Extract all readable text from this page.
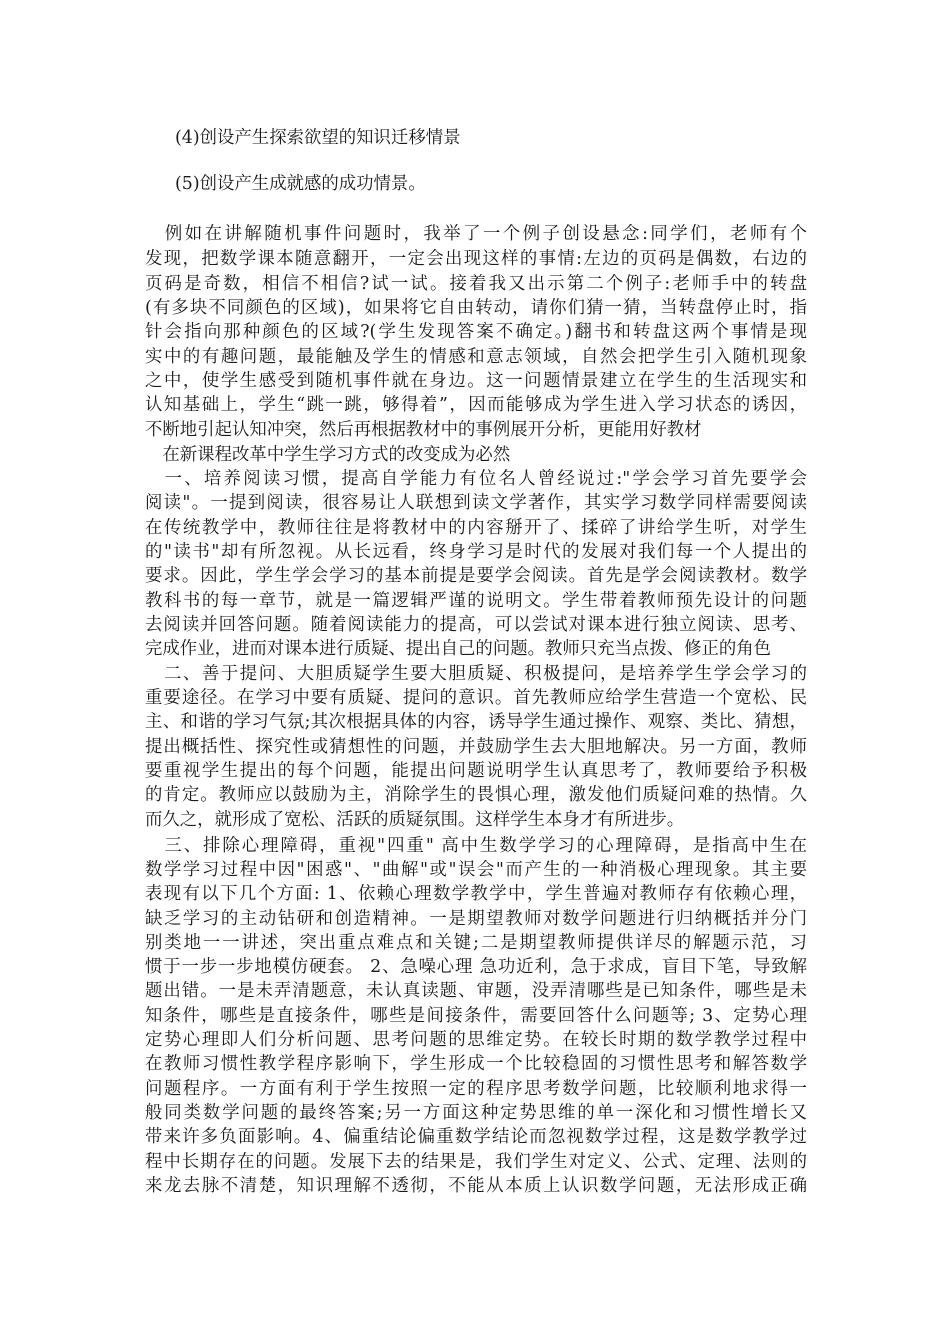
(4)创设产生探索欲望的知识迁移情景
(5)创设产生成就感的成功情景。
　例如在讲解随机事件问题时，我举了一个例子创设悬念:同学们，老师有个
发现，把数学课本随意翻开，一定会出现这样的事情:左边的页码是偶数，右边的
页码是奇数，相信不相信?试一试。接着我又出示第二个例子:老师手中的转盘
(有多块不同颜色的区域)，如果将它自由转动，请你们猜一猜，当转盘停止时，指
针会指向那种颜色的区域?(学生发现答案不确定。)翻书和转盘这两个事情是现
实中的有趣问题，最能触及学生的情感和意志领域，自然会把学生引入随机现象
之中，使学生感受到随机事件就在身边。这一问题情景建立在学生的生活现实和
认知基础上，学生“跳一跳，够得着”，因而能够成为学生进入学习状态的诱因，
不断地引起认知冲突，然后再根据教材中的事例展开分析，更能用好教材
　在新课程改革中学生学习方式的改变成为必然
　一、培养阅读习惯，提高自学能力有位名人曾经说过:"学会学习首先要学会
阅读"。一提到阅读，很容易让人联想到读文学著作，其实学习数学同样需要阅读
在传统教学中，教师往往是将教材中的内容掰开了、揉碎了讲给学生听，对学生
的"读书"却有所忽视。从长远看，终身学习是时代的发展对我们每一个人提出的
要求。因此，学生学会学习的基本前提是要学会阅读。首先是学会阅读教材。数学
教科书的每一章节，就是一篇逻辑严谨的说明文。学生带着教师预先设计的问题
去阅读并回答问题。随着阅读能力的提高，可以尝试对课本进行独立阅读、思考、
完成作业，进而对课本进行质疑、提出自己的问题。教师只充当点拨、修正的角色
　二、善于提问、大胆质疑学生要大胆质疑、积极提问，是培养学生学会学习的
重要途径。在学习中要有质疑、提问的意识。首先教师应给学生营造一个宽松、民
主、和谐的学习气氛;其次根据具体的内容，诱导学生通过操作、观察、类比、猜想，
提出概括性、探究性或猜想性的问题，并鼓励学生去大胆地解决。另一方面，教师
要重视学生提出的每个问题，能提出问题说明学生认真思考了，教师要给予积极
的肯定。教师应以鼓励为主，消除学生的畏惧心理，激发他们质疑问难的热情。久
而久之，就形成了宽松、活跃的质疑氛围。这样学生本身才有所进步。
　三、排除心理障碍，重视"四重" 高中生数学学习的心理障碍，是指高中生在
数学学习过程中因"困惑"、"曲解"或"误会"而产生的一种消极心理现象。其主要
表现有以下几个方面: 1、依赖心理数学教学中，学生普遍对教师存有依赖心理，
缺乏学习的主动钻研和创造精神。一是期望教师对数学问题进行归纳概括并分门
别类地一一讲述，突出重点难点和关键;二是期望教师提供详尽的解题示范，习
惯于一步一步地模仿硬套。 2、急噪心理 急功近利，急于求成，盲目下笔，导致解
题出错。一是未弄清题意，未认真读题、审题，没弄清哪些是已知条件，哪些是未
知条件，哪些是直接条件，哪些是间接条件，需要回答什么问题等; 3、定势心理
定势心理即人们分析问题、思考问题的思维定势。在较长时期的数学教学过程中
在教师习惯性教学程序影响下，学生形成一个比较稳固的习惯性思考和解答数学
问题程序。一方面有利于学生按照一定的程序思考数学问题，比较顺利地求得一
般同类数学问题的最终答案;另一方面这种定势思维的单一深化和习惯性增长又
带来许多负面影响。4、偏重结论偏重数学结论而忽视数学过程，这是数学教学过
程中长期存在的问题。发展下去的结果是，我们学生对定义、公式、定理、法则的
来龙去脉不清楚，知识理解不透彻，不能从本质上认识数学问题，无法形成正确
